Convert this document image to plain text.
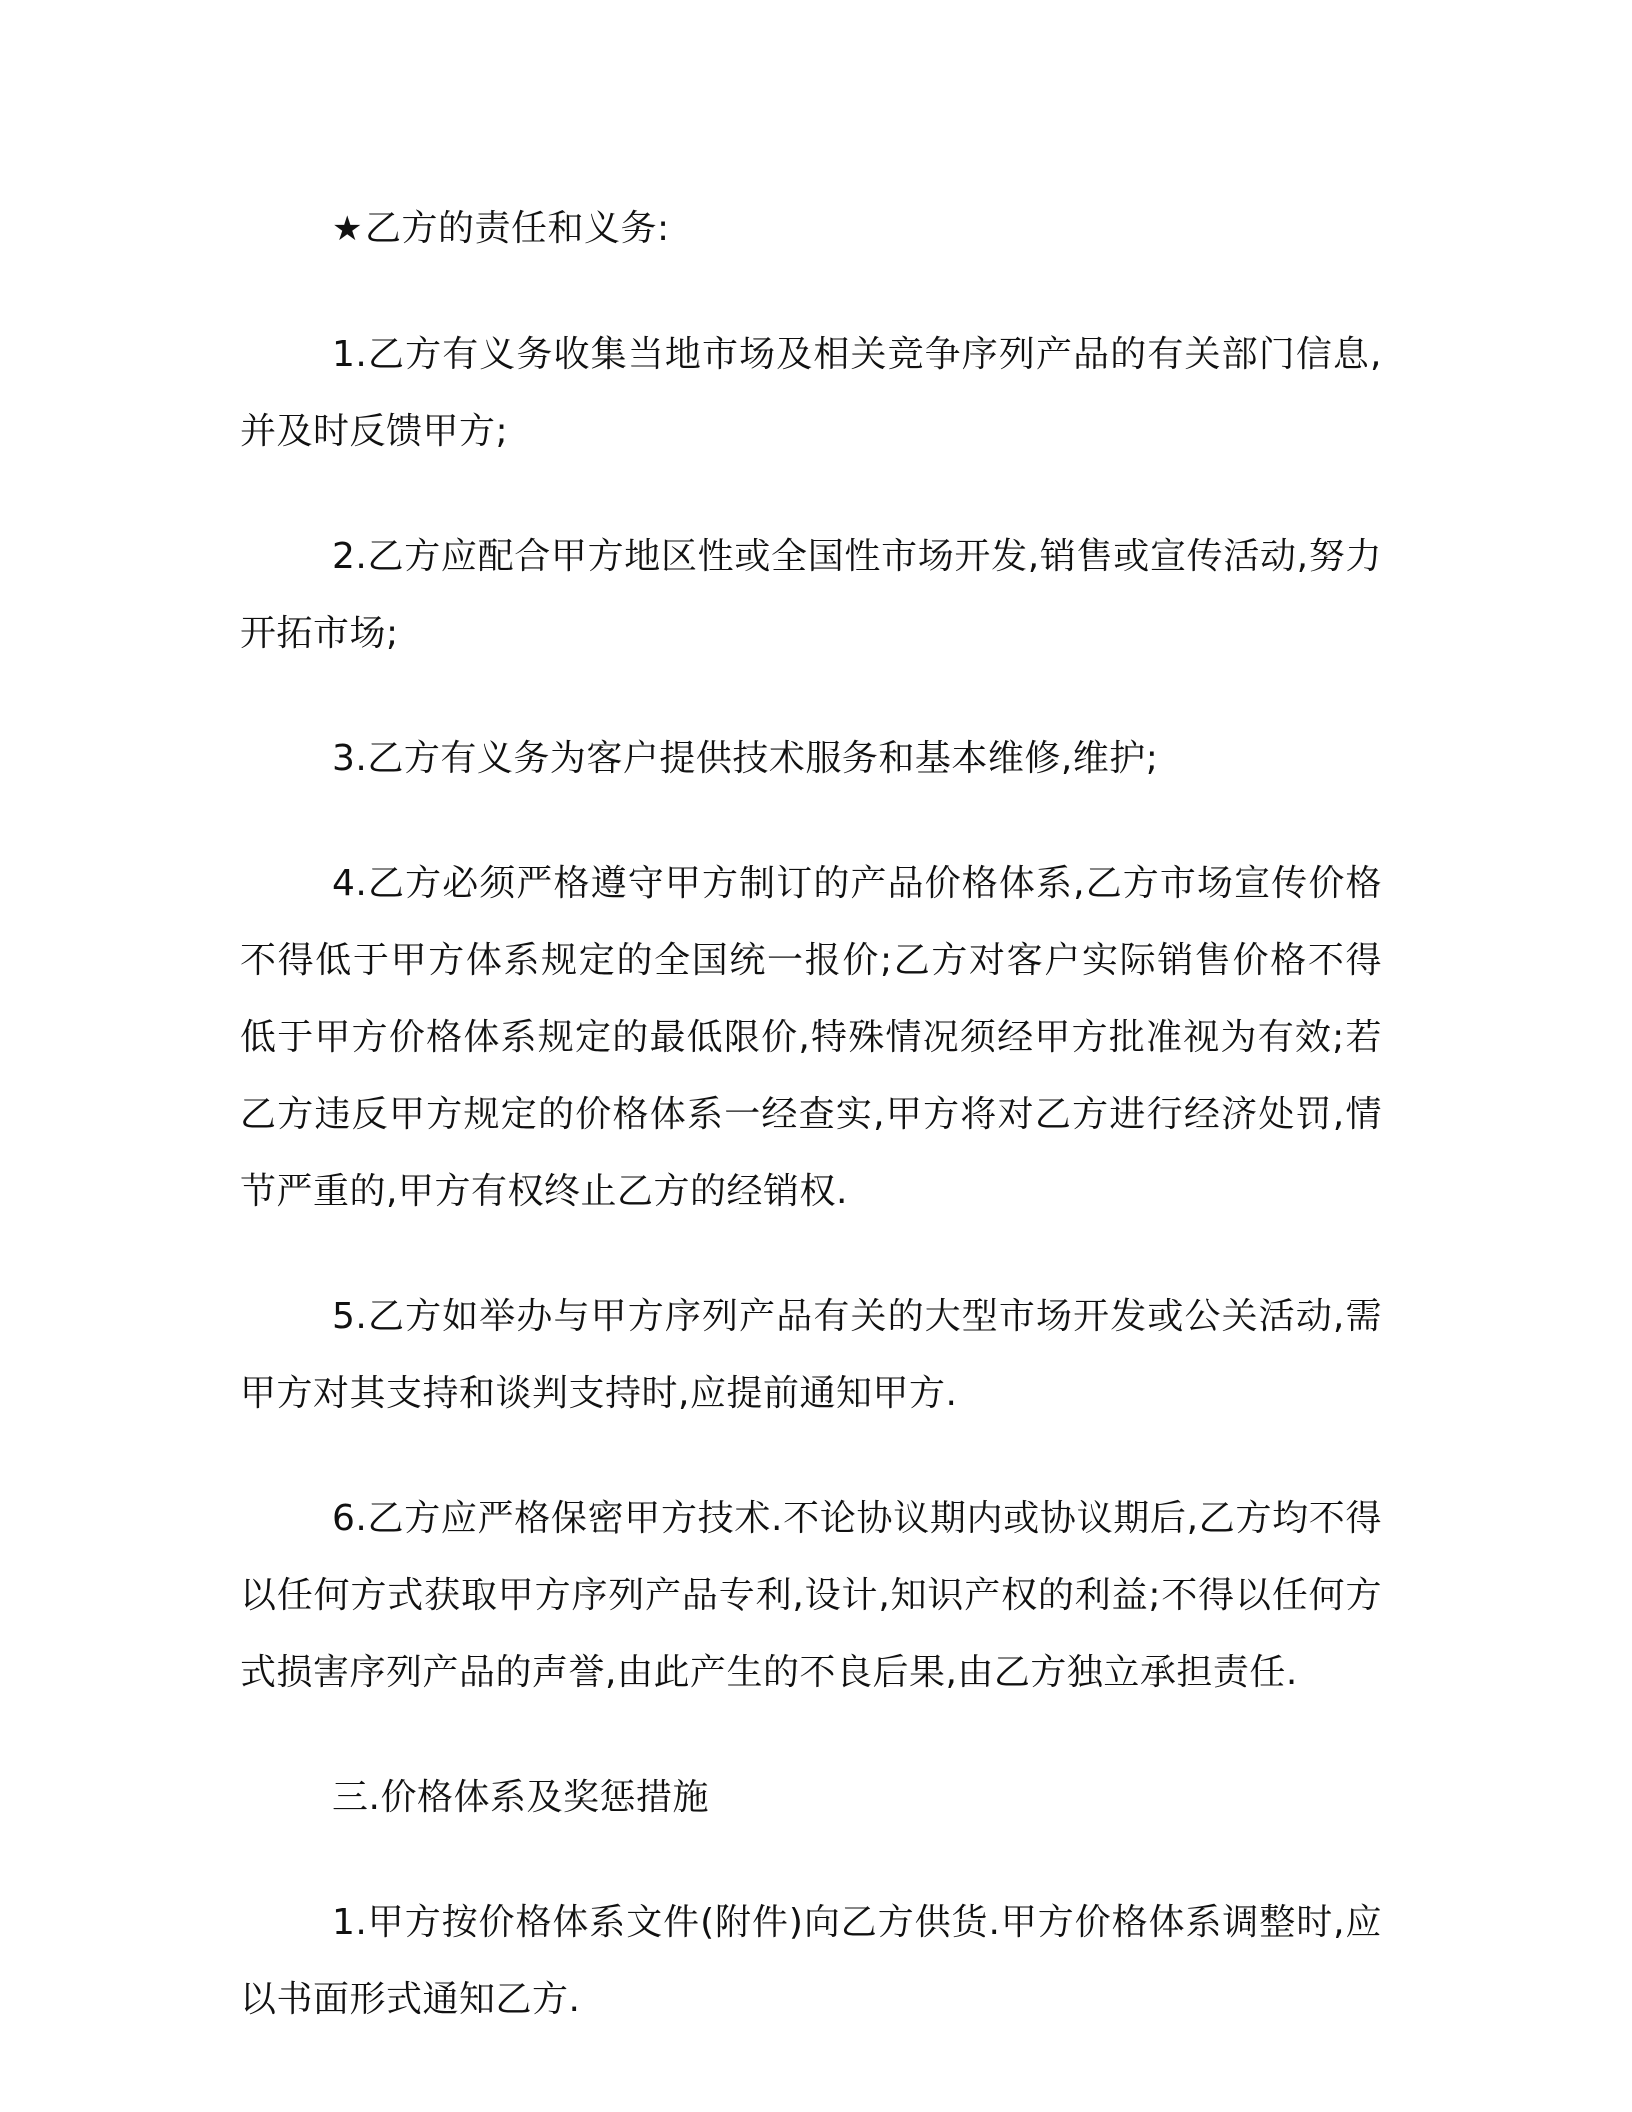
★乙方的责任和义务:

1.乙方有义务收集当地市场及相关竞争序列产品的有关部门信息,并及时反馈甲方;

2.乙方应配合甲方地区性或全国性市场开发,销售或宣传活动,努力开拓市场;

3.乙方有义务为客户提供技术服务和基本维修,维护;

4.乙方必须严格遵守甲方制订的产品价格体系,乙方市场宣传价格不得低于甲方体系规定的全国统一报价;乙方对客户实际销售价格不得低于甲方价格体系规定的最低限价,特殊情况须经甲方批准视为有效;若乙方违反甲方规定的价格体系一经查实,甲方将对乙方进行经济处罚,情节严重的,甲方有权终止乙方的经销权.

5.乙方如举办与甲方序列产品有关的大型市场开发或公关活动,需甲方对其支持和谈判支持时,应提前通知甲方.

6.乙方应严格保密甲方技术.不论协议期内或协议期后,乙方均不得以任何方式获取甲方序列产品专利,设计,知识产权的利益;不得以任何方式损害序列产品的声誉,由此产生的不良后果,由乙方独立承担责任.

三.价格体系及奖惩措施

1.甲方按价格体系文件(附件)向乙方供货.甲方价格体系调整时,应以书面形式通知乙方.
